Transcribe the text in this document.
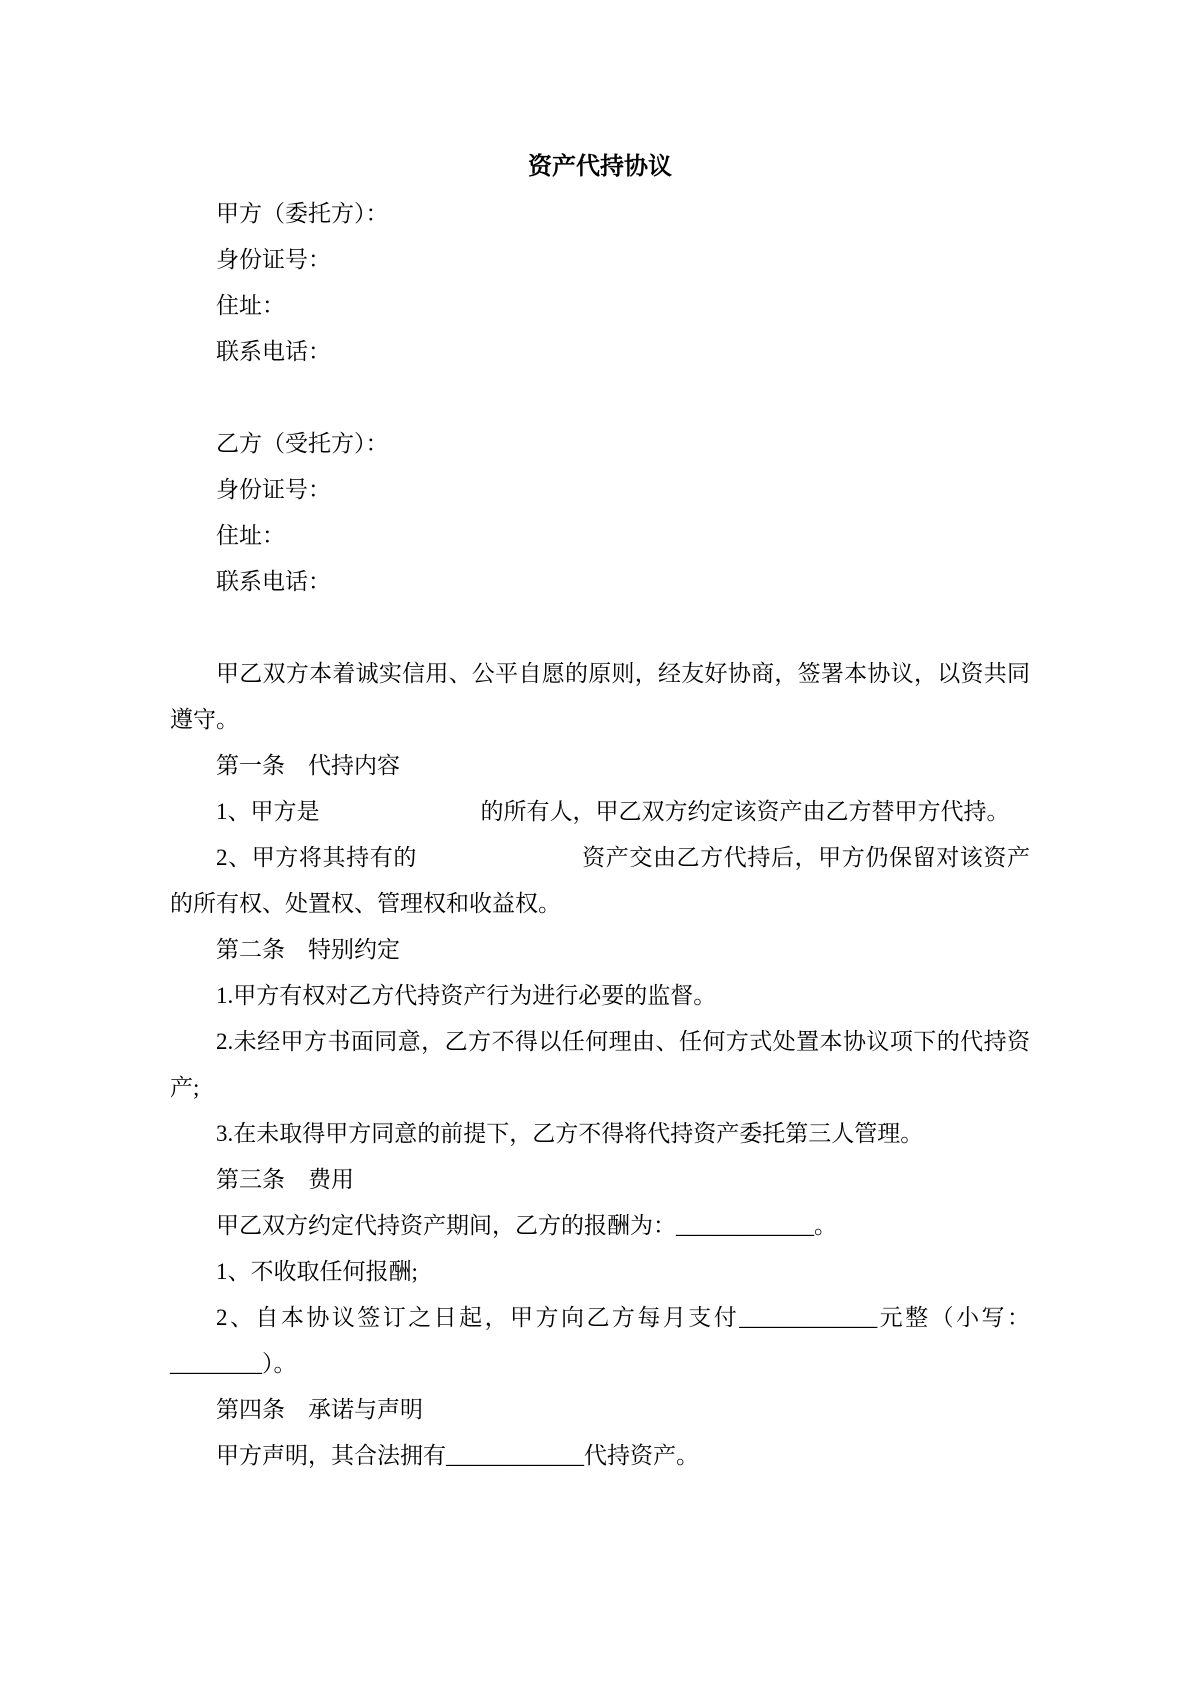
资产代持协议

甲方（委托方）：

身份证号：

住址：

联系电话：

乙方（受托方）：

身份证号：

住址：

联系电话：

甲乙双方本着诚实信用、公平自愿的原则，经友好协商，签署本协议，以资共同遵守。

第一条　代持内容

1、甲方是　　　　　　　的所有人，甲乙双方约定该资产由乙方替甲方代持。

2、甲方将其持有的　　　　　　　资产交由乙方代持后，甲方仍保留对该资产的所有权、处置权、管理权和收益权。

第二条　特别约定

1.甲方有权对乙方代持资产行为进行必要的监督。

2.未经甲方书面同意，乙方不得以任何理由、任何方式处置本协议项下的代持资产;

3.在未取得甲方同意的前提下，乙方不得将代持资产委托第三人管理。

第三条　费用

甲乙双方约定代持资产期间，乙方的报酬为：____________。

1、不收取任何报酬;

2、自本协议签订之日起，甲方向乙方每月支付____________元整（小写：________）。

第四条　承诺与声明

甲方声明，其合法拥有____________代持资产。
